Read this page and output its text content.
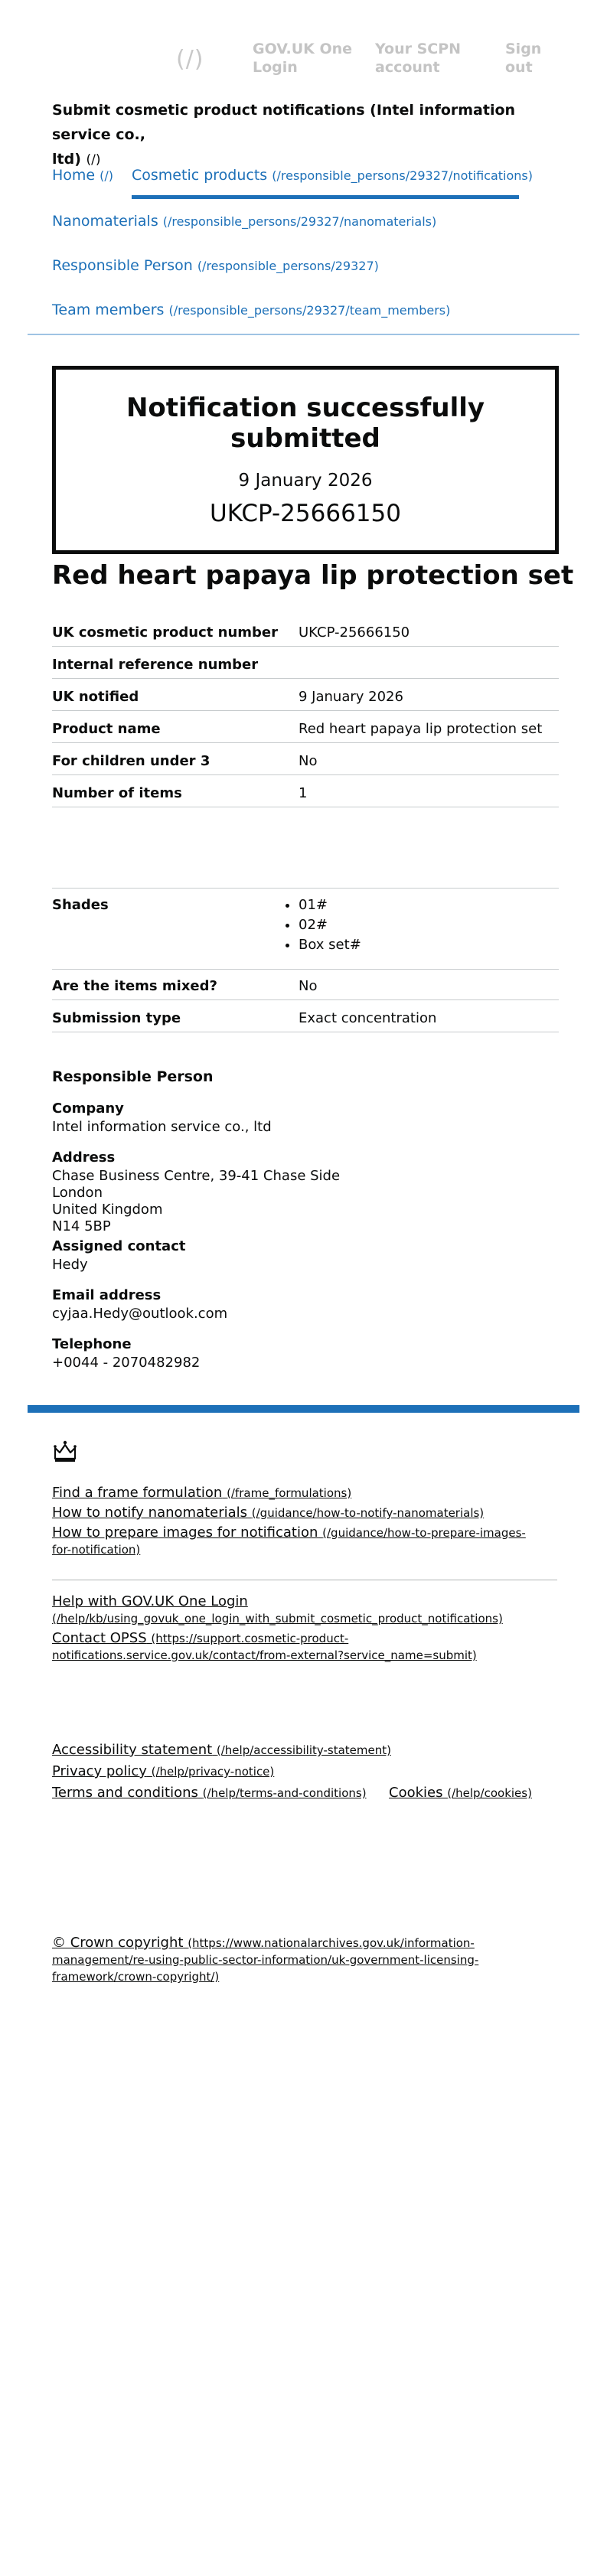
(/)	GOV.UK One
Login
Your SCPN
account
Sign
out
Submit cosmetic product notifications (Intel information service co.,
ltd) (/)
Home (/) Cosmetic products (/responsible_persons/29327/notifications)
Nanomaterials (/responsible_persons/29327/nanomaterials)
Responsible Person (/responsible_persons/29327)
Team members (/responsible_persons/29327/team_members)
Notification successfully submitted
9 January 2026
UKCP-25666150
Red heart papaya lip protection set
UK cosmetic product number UKCP-25666150
Internal reference number
UK notified	9 January 2026
Product name	Red heart papaya lip protection set
For children under 3	No
Number of items	1
Shades
•	01#
• 02#
• Box set#
Are the items mixed?	No
Submission type	Exact concentration
Responsible Person
Company
Intel information service co., ltd
Address
Chase Business Centre, 39-41 Chase Side
London
United Kingdom
N14 5BP
Assigned contact
Hedy
Email address
cyjaa.Hedy@outlook.com
Telephone
+0044 - 2070482982
Find a frame formulation (/frame_formulations)
How to notify nanomaterials (/guidance/how-to-notify-nanomaterials)
How to prepare images for notification (/guidance/how-to-prepare-images-
for-notification)
Help with GOV.UK One Login
(/help/kb/using_govuk_one_login_with_submit_cosmetic_product_notifications)
Contact OPSS (https://support.cosmetic-product-
notifications.service.gov.uk/contact/from-external?service_name=submit)
Accessibility statement (/help/accessibility-statement)
Privacy policy (/help/privacy-notice)
Terms and conditions (/help/terms-and-conditions) Cookies (/help/cookies)
© Crown copyright (https://www.nationalarchives.gov.uk/information-
management/re-using-public-sector-information/uk-government-licensing-
framework/crown-copyright/)
